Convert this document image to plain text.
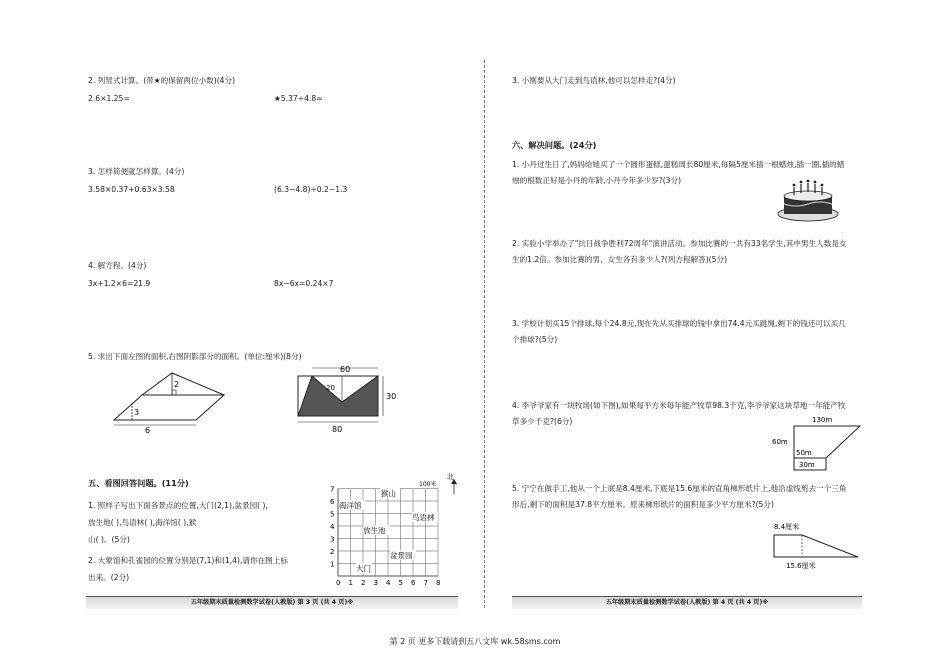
2. 列竖式计算。(带★的保留两位小数)(4分)
2.6×1.25=	★5.37÷4.8≈
3. 怎样简便就怎样算。(4分)
3.58×0.37+0.63×3.58	(6.3−4.8)÷0.2−1.3
4. 解方程。(4分)
3x+1.2×6=21.9	8x−6x=0.24×7
5. 求出下面左图的面积,右图阴影部分的面积。(单位:厘米)(8分)
2
3
6
60
20
30
80
五、看图回答问题。(11分)
1. 照样子写出下面各景点的位置,大门(2,1),盆景园( ),
放生地( ),鸟语林( ),海洋馆( ),猴
山( )。(5分)
2. 大象馆和孔雀园的位置分别是(7,1)和(1,4),请你在图上标
出来。(2分)
100米
北
0 1 2 3 4 5 6 7 8
1
2
3
4
5
6
7	猴山
海洋馆
鸟语林
放生池
盆景园
大门
五年级期末质量检测数学试卷(人教版) 第 3 页 (共 4 页)※
3. 小刚要从大门走到鸟语林,他可以怎样走?(4分)
六、解决问题。(24分)
1. 小丹过生日了,妈妈给她买了一个圆形蛋糕,蛋糕周长80厘米,每隔5厘米插一根蜡烛,插一圈,插的蜡烛的根数正好是小丹的年龄,小丹今年多少岁?(3分)
2. 实验小学举办了"抗日战争胜利72周年"演讲活动。参加比赛的一共有33名学生,其中男生人数是女生的1.2倍。参加比赛的男、女生各有多少人?(列方程解答)(5分)
3. 学校计划买15个排球,每个24.8元,现在先从买排球的钱中拿出74.4元买跳绳,剩下的钱还可以买几个排球?(5分)
4. 李爷爷家有一块牧场(如下图),如果每平方米每年能产牧草98.3千克,李爷爷家这块草地一年能产牧草多少千克?(6分)	130m
60m
50m
30m
5. 宁宁在做手工,他从一个上底是8.4厘米,下底是15.6厘米的直角梯形纸片上,他沿虚线剪去一个三角形后,剩下的面积是37.8平方厘米。原来梯形纸片的面积是多少平方厘米?(5分)
8.4厘米
15.6厘米
五年级期末质量检测数学试卷(人教版) 第 4 页 (共 4 页)※
第 2 页 更多下载请到五八文库 wk.58sms.com
